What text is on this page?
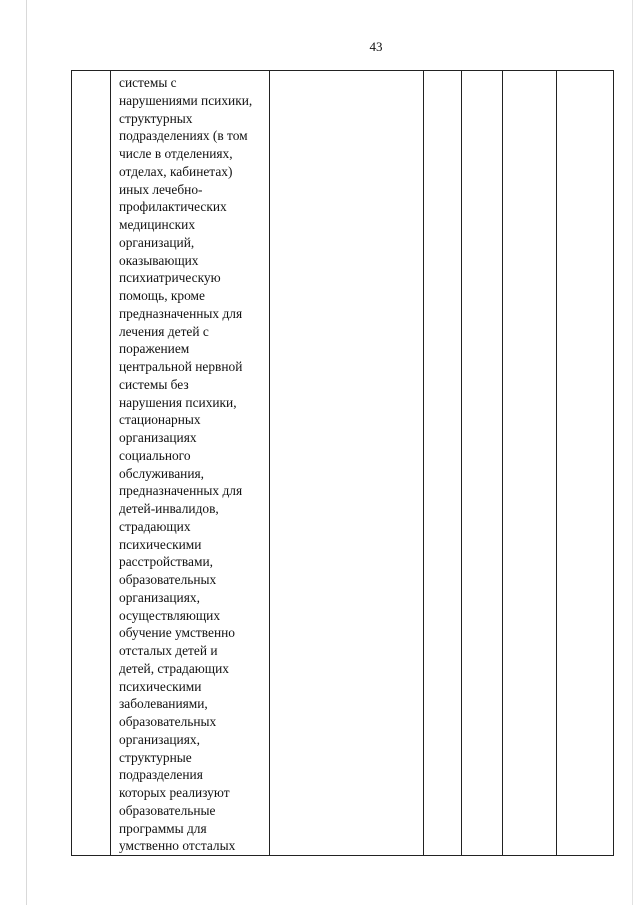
43

системы с
нарушениями психики,
структурных
подразделениях (в том
числе в отделениях,
отделах, кабинетах)
иных лечебно-
профилактических
медицинских
организаций,
оказывающих
психиатрическую
помощь, кроме
предназначенных для
лечения детей с
поражением
центральной нервной
системы без
нарушения психики,
стационарных
организациях
социального
обслуживания,
предназначенных для
детей-инвалидов,
страдающих
психическими
расстройствами,
образовательных
организациях,
осуществляющих
обучение умственно
отсталых детей и
детей, страдающих
психическими
заболеваниями,
образовательных
организациях,
структурные
подразделения
которых реализуют
образовательные
программы для
умственно отсталых
